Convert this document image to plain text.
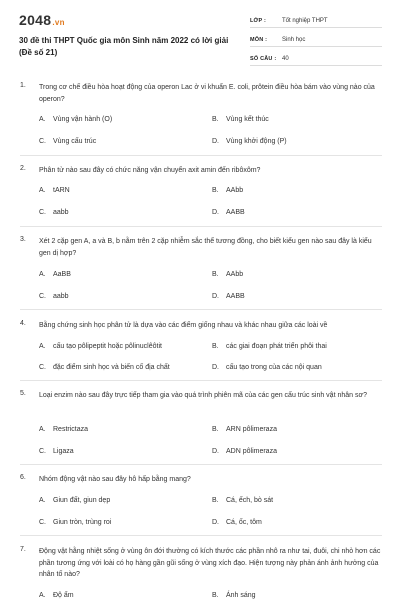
2048.vn
30 đề thi THPT Quốc gia môn Sinh năm 2022 có lời giải (Đề số 21)
LỚP :	Tốt nghiệp THPT
MÔN :	Sinh học
SỐ CÂU : 40
1. Trong cơ chế điều hòa hoạt động của operon Lac ở vi khuẩn E. coli, prôtein điều hòa bám vào vùng nào của operon?
A.	Vùng vận hành (O)	B.	Vùng kết thúc
C.	Vùng cấu trúc	D.	Vùng khởi động (P)
2. Phân tử nào sau đây có chức năng vận chuyển axit amin đến ribôxôm?
A.	tARN	B.	AAbb
C.	aabb	D.	AABB
3. Xét 2 cặp gen A, a và B, b nằm trên 2 cặp nhiễm sắc thể tương đồng, cho biết kiểu gen nào sau đây là kiểu gen dị hợp?
A.	AaBB	B.	AAbb
C.	aabb	D.	AABB
4. Bằng chứng sinh học phân tử là dựa vào các điểm giống nhau và khác nhau giữa các loài về
A.	cấu tạo pôlipeptit hoặc pôlinuclêôtit	B.	các giai đoạn phát triển phôi thai
C.	đặc điểm sinh học và biến cố địa chất	D.	cấu tạo trong của các nội quan
5. Loại enzim nào sau đây trực tiếp tham gia vào quá trình phiên mã của các gen cấu trúc sinh vật nhân sơ?
A.	Restrictaza	B.	ARN pôlimeraza
C.	Ligaza	D.	ADN pôlimeraza
6. Nhóm động vật nào sau đây hô hấp bằng mang?
A.	Giun đất, giun dẹp	B.	Cá, ếch, bò sát
C.	Giun tròn, trùng roi	D.	Cá, ốc, tôm
7. Động vật hằng nhiệt sống ở vùng ôn đới thường có kích thước các phần nhô ra như tai, đuôi, chi nhỏ hơn các phần tương ứng với loài có họ hàng gần gũi sống ở vùng xích đạo. Hiện tượng này phản ánh ảnh hưởng của nhân tố nào?
A.	Độ ẩm	B.	Ánh sáng
